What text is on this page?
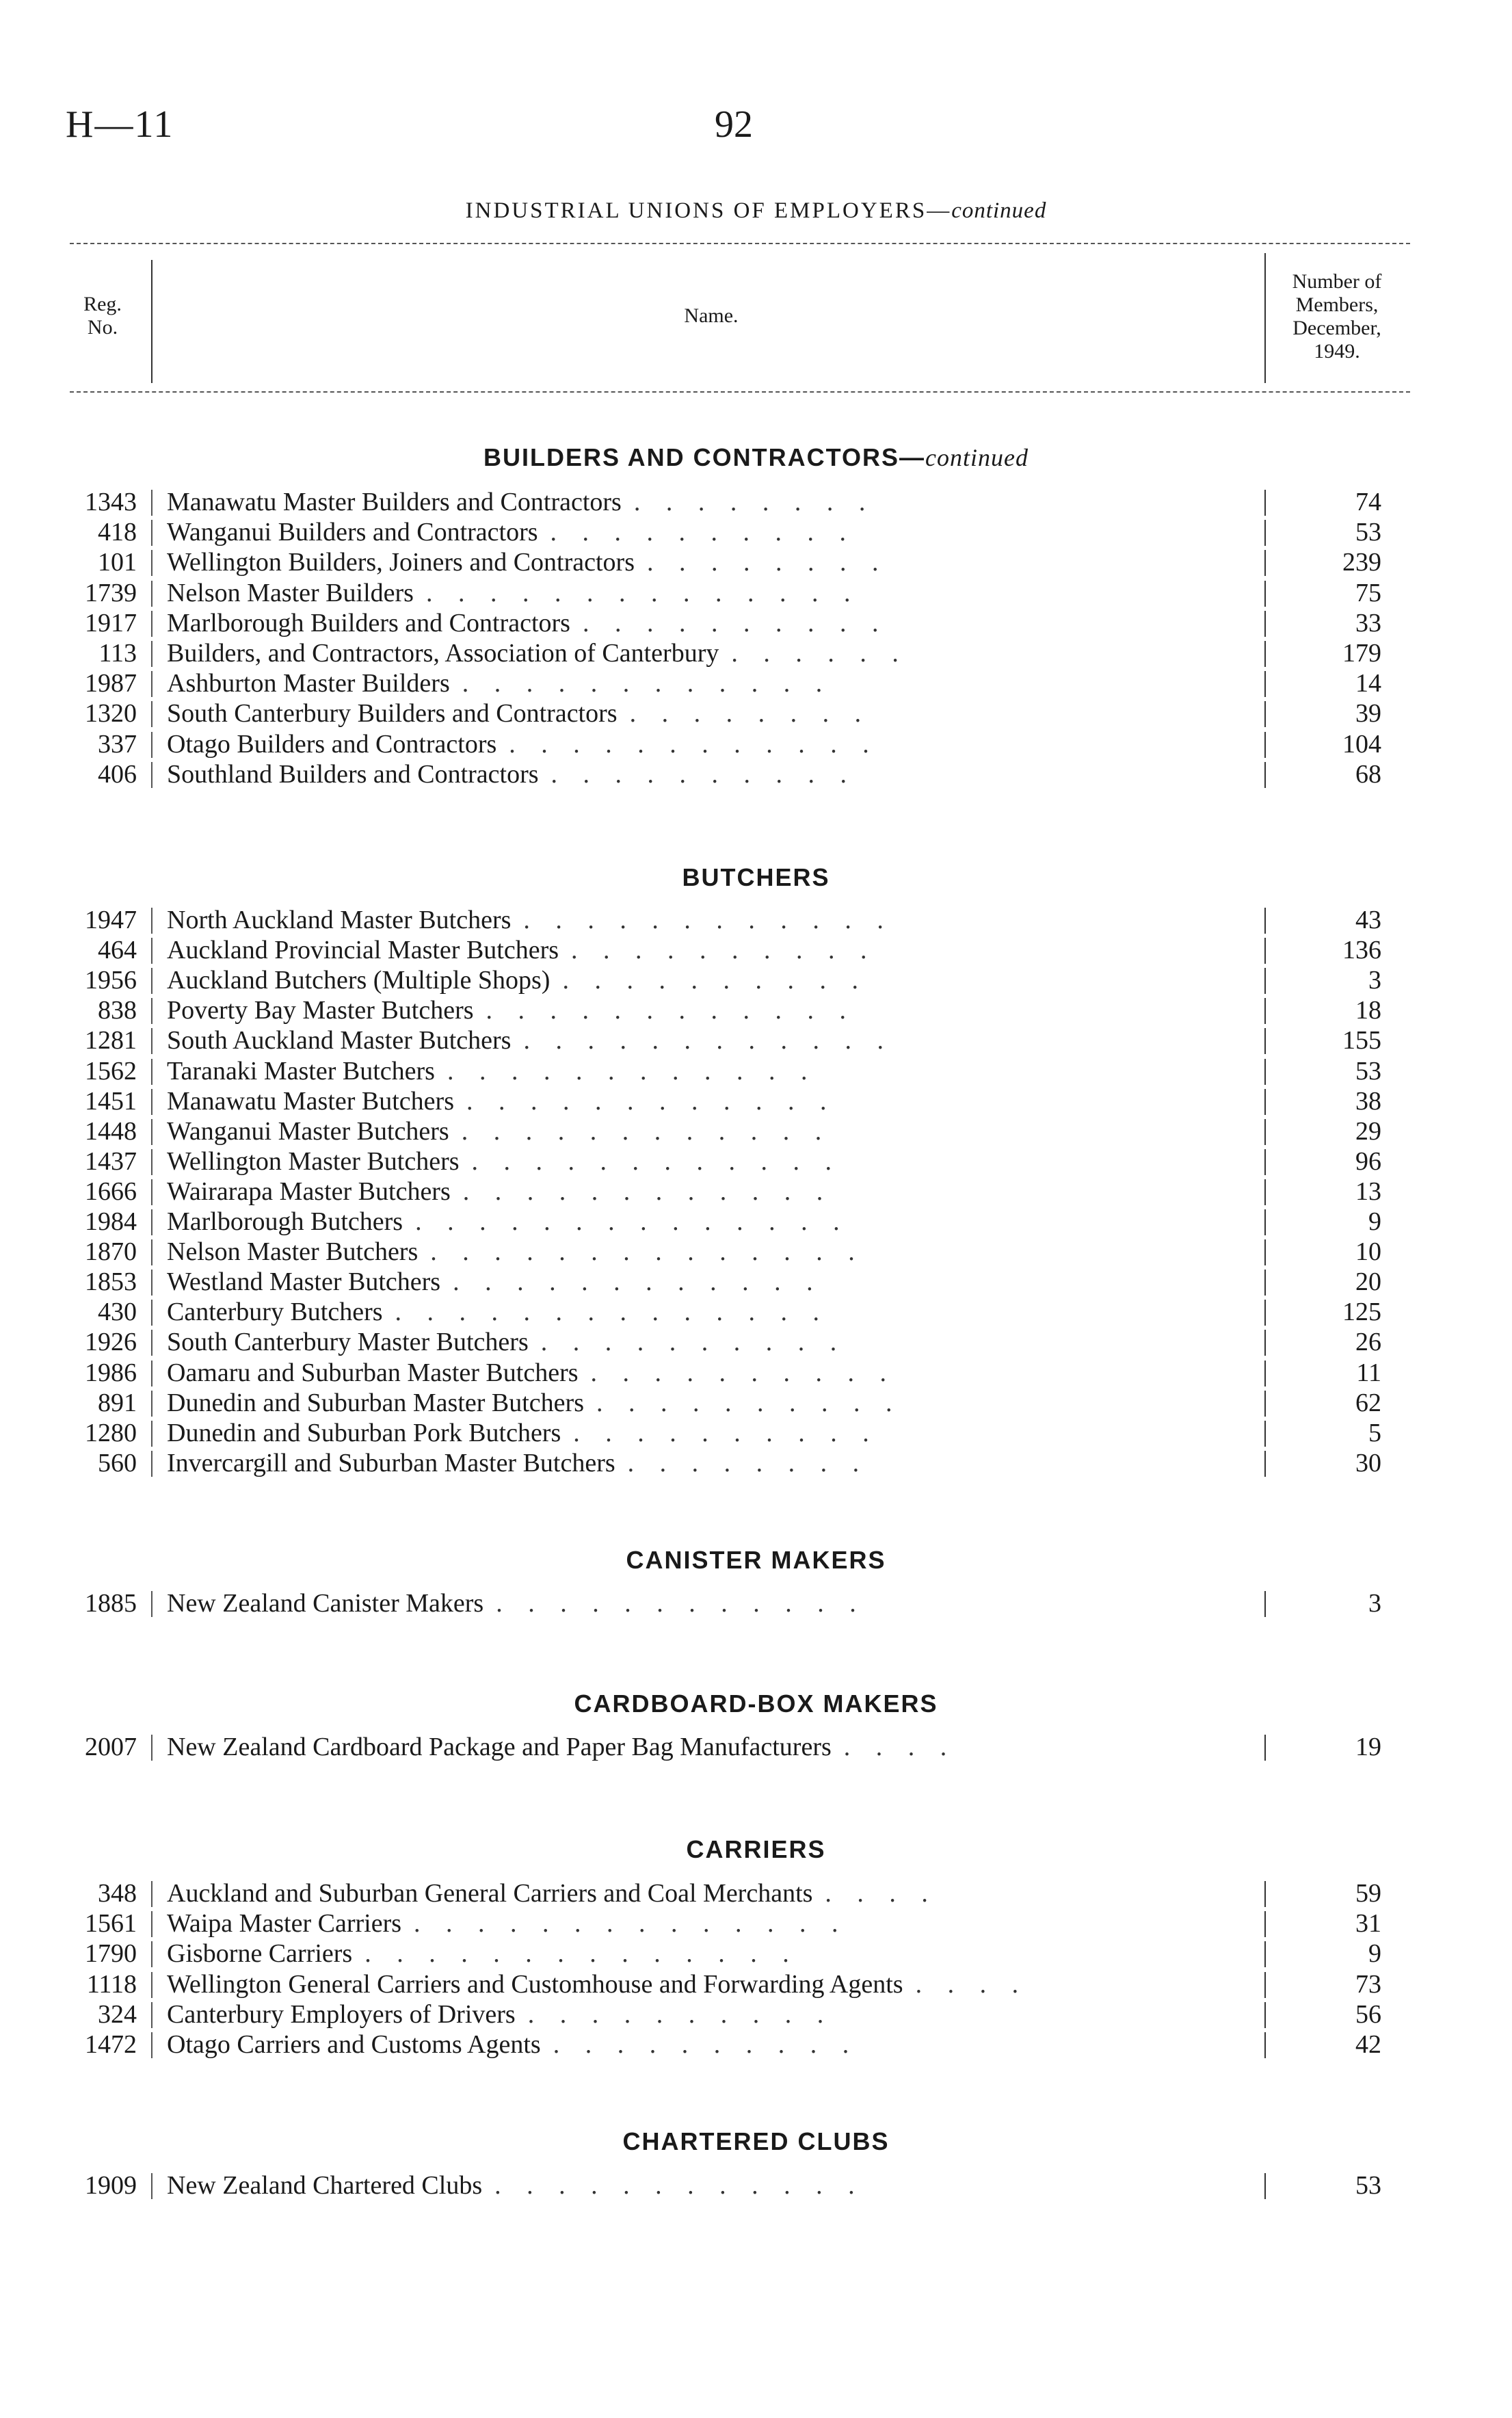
H—11	92
INDUSTRIAL UNIONS OF EMPLOYERS—continued
Reg.
No.
Name.
Number of
Members,
December,
1949.
BUILDERS AND CONTRACTORS—continued
1343 Manawatu Master Builders and Contractors . . . . . . . .	74
418 Wanganui Builders and Contractors . . . . . . . . . .	53
101 Wellington Builders, Joiners and Contractors . . . . . . . .	239
1739 Nelson Master Builders . . . . . . . . . . . . . .	75
1917 Marlborough Builders and Contractors . . . . . . . . . .	33
113 Builders, and Contractors, Association of Canterbury . . . . . .	179
1987 Ashburton Master Builders . . . . . . . . . . . .	14
1320 South Canterbury Builders and Contractors . . . . . . . .	39
337 Otago Builders and Contractors . . . . . . . . . . . .	104
406 Southland Builders and Contractors . . . . . . . . . .	68
BUTCHERS
1947 North Auckland Master Butchers . . . . . . . . . . . .	43
464 Auckland Provincial Master Butchers . . . . . . . . . .	136
1956 Auckland Butchers (Multiple Shops) . . . . . . . . . .	3
838 Poverty Bay Master Butchers . . . . . . . . . . . .	18
1281 South Auckland Master Butchers . . . . . . . . . . . .	155
1562 Taranaki Master Butchers . . . . . . . . . . . .	53
1451 Manawatu Master Butchers . . . . . . . . . . . .	38
1448 Wanganui Master Butchers . . . . . . . . . . . .	29
1437 Wellington Master Butchers . . . . . . . . . . . .	96
1666 Wairarapa Master Butchers . . . . . . . . . . . .	13
1984 Marlborough Butchers . . . . . . . . . . . . . .	9
1870 Nelson Master Butchers . . . . . . . . . . . . . .	10
1853 Westland Master Butchers . . . . . . . . . . . .	20
430 Canterbury Butchers . . . . . . . . . . . . . .	125
1926 South Canterbury Master Butchers . . . . . . . . . .	26
1986 Oamaru and Suburban Master Butchers . . . . . . . . . .	11
891 Dunedin and Suburban Master Butchers . . . . . . . . . .	62
1280 Dunedin and Suburban Pork Butchers . . . . . . . . . .	5
560 Invercargill and Suburban Master Butchers . . . . . . . .	30
CANISTER MAKERS
1885 New Zealand Canister Makers . . . . . . . . . . . .	3
CARDBOARD-BOX MAKERS
2007 New Zealand Cardboard Package and Paper Bag Manufacturers . . . .	19
CARRIERS
348 Auckland and Suburban General Carriers and Coal Merchants . . . .	59
1561 Waipa Master Carriers . . . . . . . . . . . . . .	31
1790 Gisborne Carriers . . . . . . . . . . . . . .	9
1118 Wellington General Carriers and Customhouse and Forwarding Agents . . . .	73
324 Canterbury Employers of Drivers . . . . . . . . . .	56
1472 Otago Carriers and Customs Agents . . . . . . . . . .	42
CHARTERED CLUBS
1909 New Zealand Chartered Clubs . . . . . . . . . . . .	53
